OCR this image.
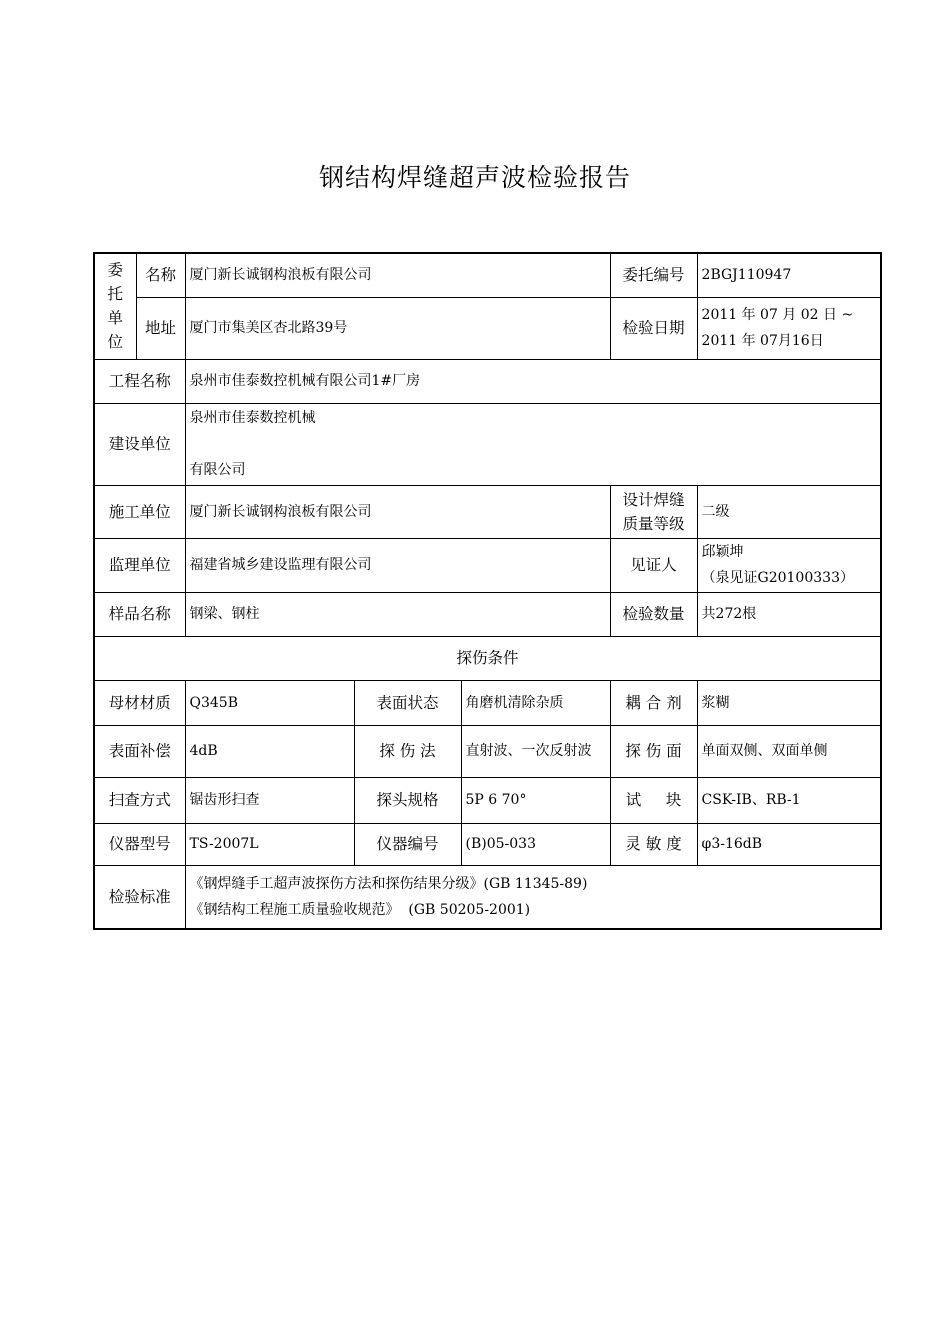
钢结构焊缝超声波检验报告
委
托
单
位	名称	厦门新长诚钢构浪板有限公司			委托编号	2BGJ110947
	地址	厦门市集美区杏北路39号			检验日期	2011 年 07 月 02 日 ~
2011 年 07月16日

工程名称		泉州市佳泰数控机械有限公司1#厂房				
建设单位		泉州市佳泰数控机械
有限公司				

施工单位		厦门新长诚钢构浪板有限公司			设计焊缝
质量等级	二级
监理单位		福建省城乡建设监理有限公司			见证人	邱颖坤
（泉见证G20100333）

样品名称		钢梁、钢柱			检验数量	共272根
探伤条件						
母材材质		Q345B	表面状态	角磨机清除杂质	耦 合 剂	浆糊
表面补偿		4dB	探 伤 法	直射波、一次反射波	探 伤 面	单面双侧、双面单侧
扫查方式		锯齿形扫查	探头规格	5P 6 70°	试     块	CSK-ⅠB、RB-1
仪器型号		TS-2007L	仪器编号	(B)05-033	灵 敏 度	φ3-16dB
检验标准		《钢焊缝手工超声波探伤方法和探伤结果分级》(GB 11345-89)
《钢结构工程施工质量验收规范》  (GB 50205-2001)				
